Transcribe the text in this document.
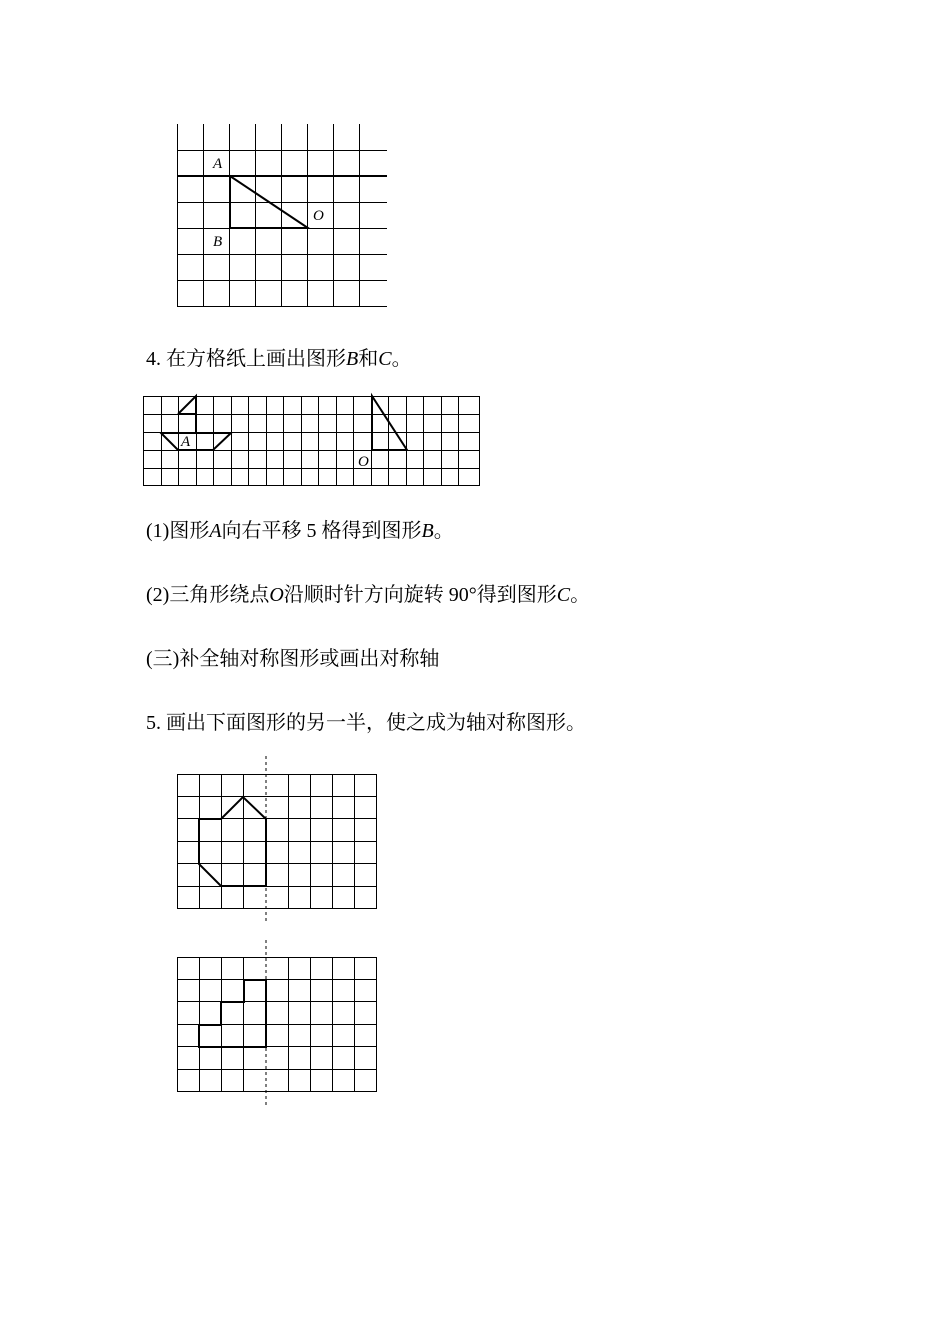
A
B
O
4. 在方格纸上画出图形B和C。
A
O
(1)图形A向右平移 5 格得到图形B。
(2)三角形绕点O沿顺时针方向旋转 90°得到图形C。
(三)补全轴对称图形或画出对称轴
5. 画出下面图形的另一半，使之成为轴对称图形。
